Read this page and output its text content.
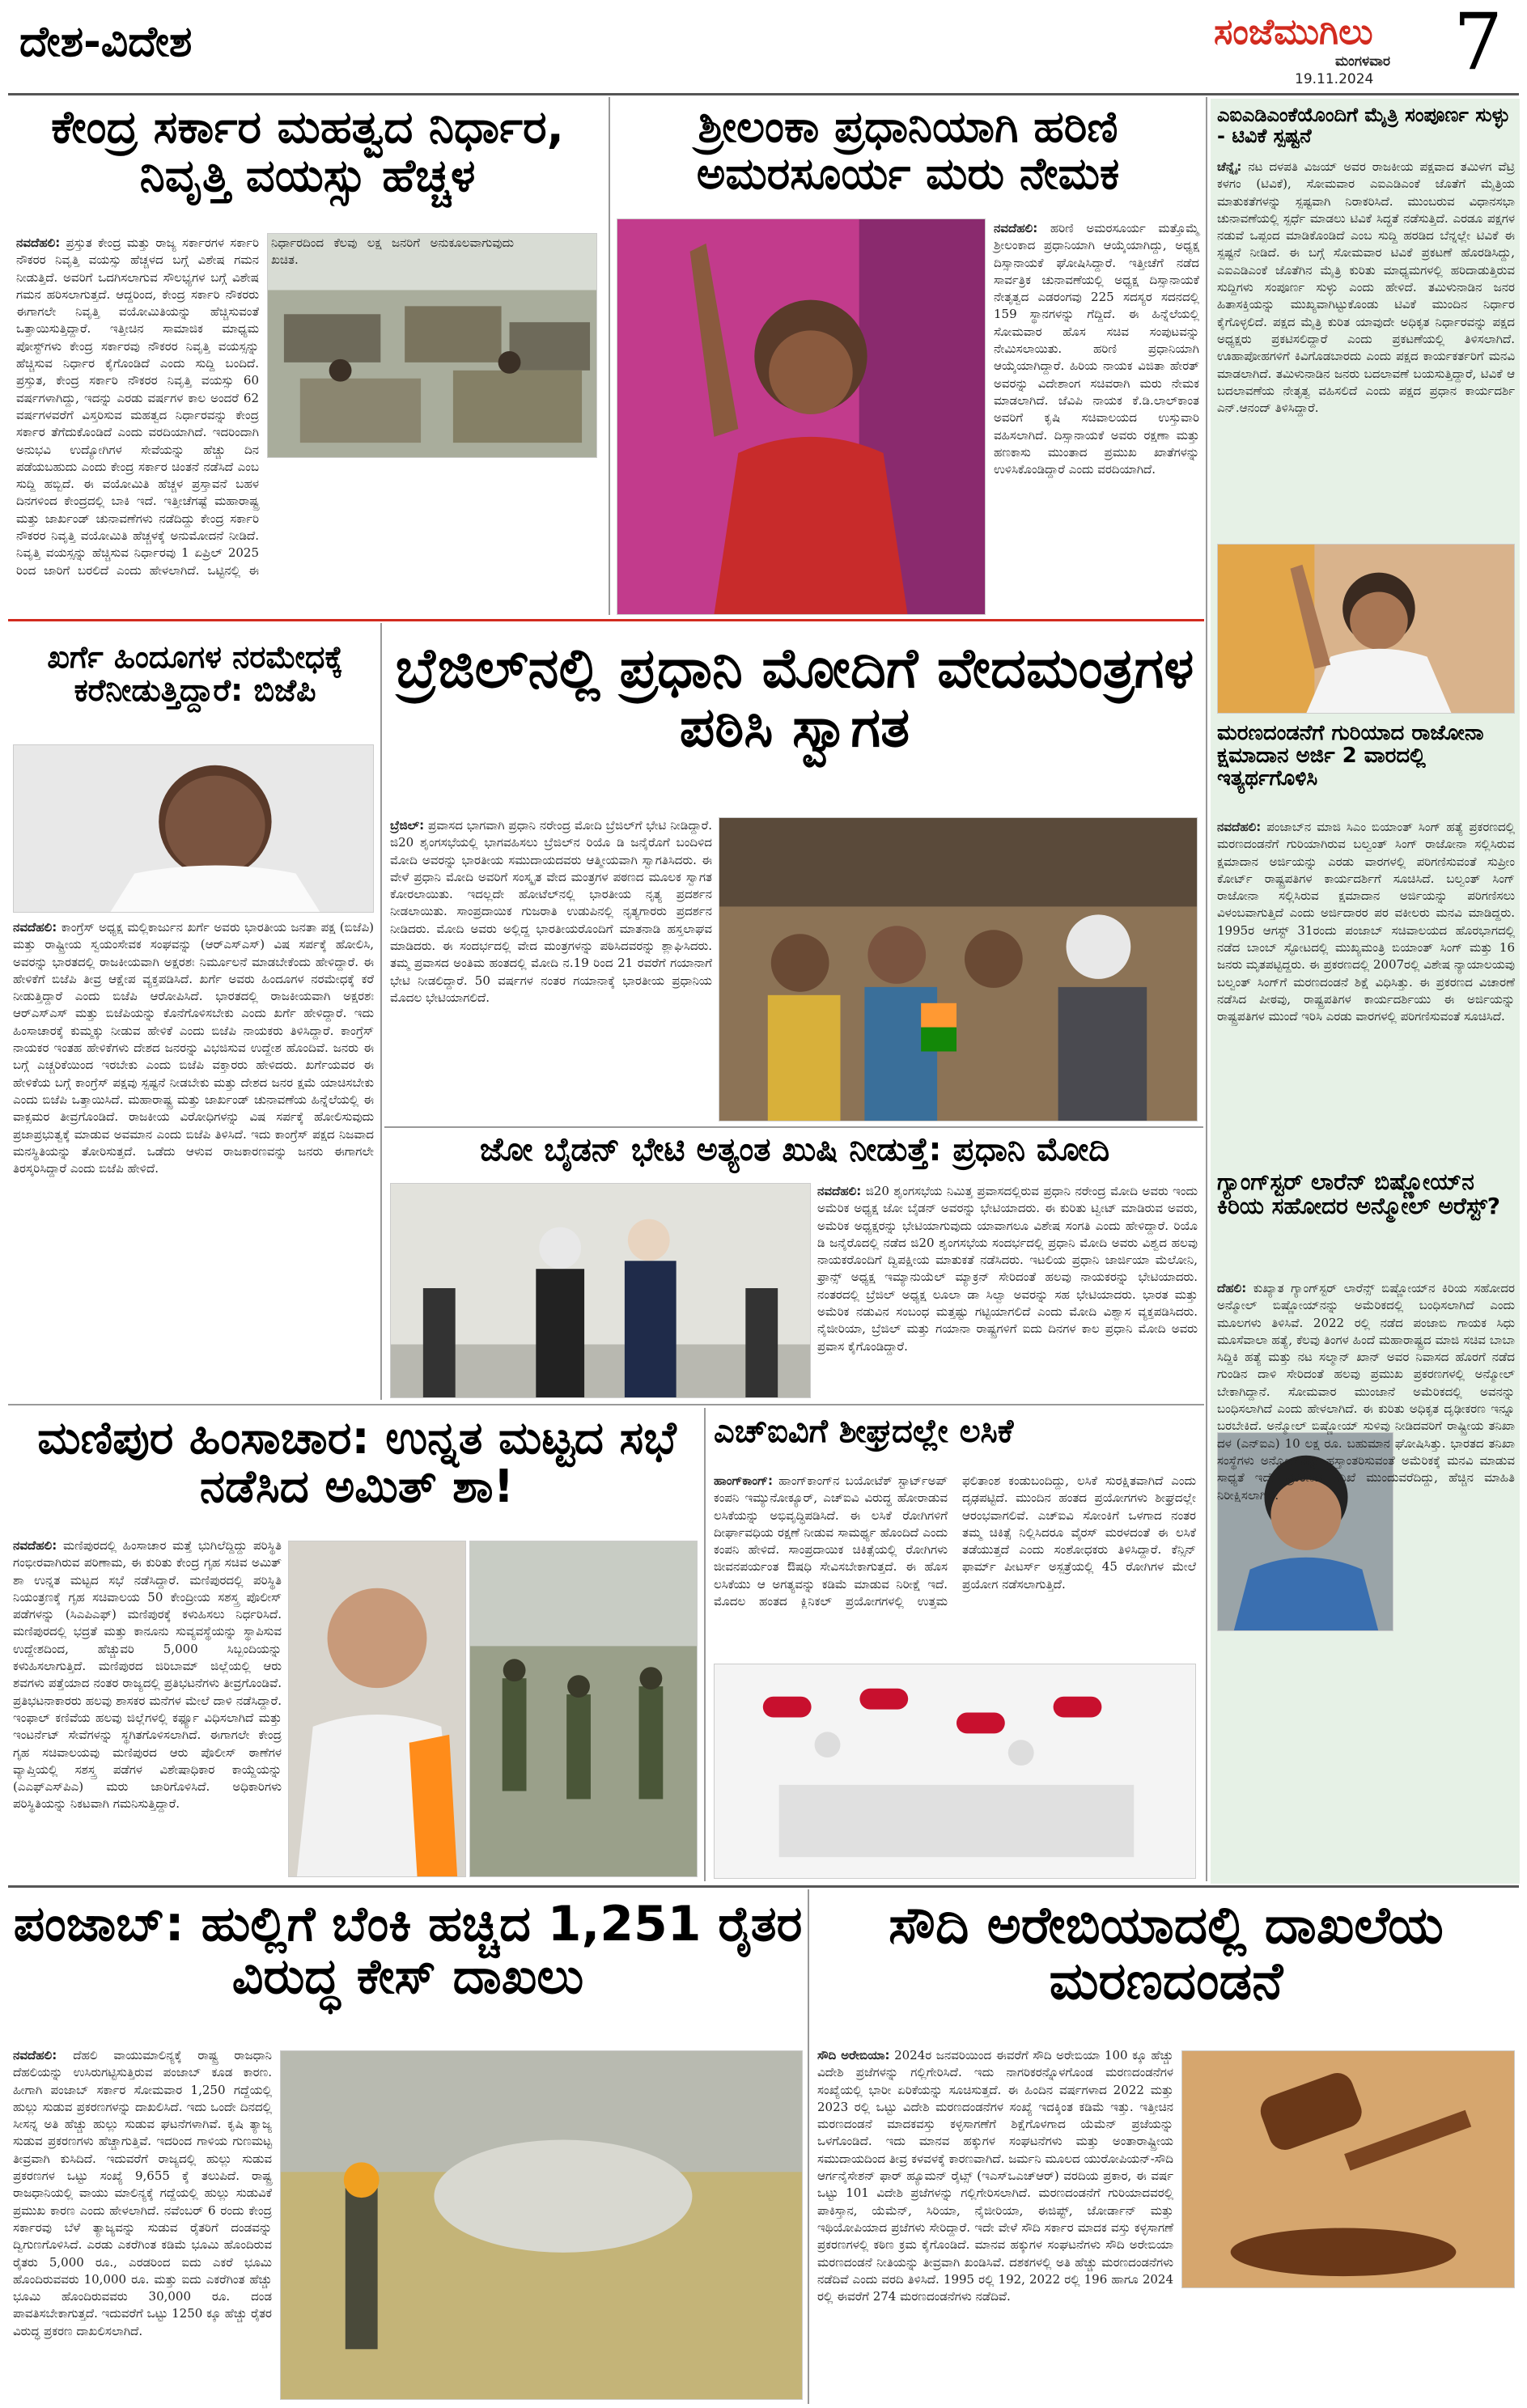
ದೇಶ-ವಿದೇಶ	ಸಂಜೆಮುಗಿಲು
ಮಂಗಳವಾರ
19.11.2024 7
ಕೇಂದ್ರ ಸರ್ಕಾರ ಮಹತ್ವದ ನಿರ್ಧಾರ, ನಿವೃತ್ತಿ ವಯಸ್ಸು ಹೆಚ್ಚಳ
ನವದೆಹಲಿ: ಪ್ರಸ್ತುತ ಕೇಂದ್ರ ಮತ್ತು ರಾಜ್ಯ ಸರ್ಕಾರಗಳ ಸರ್ಕಾರಿ ನೌಕರರ ನಿವೃತ್ತಿ ವಯಸ್ಸು ಹೆಚ್ಚಳದ ಬಗ್ಗೆ ವಿಶೇಷ ಗಮನ ನೀಡುತ್ತಿದೆ. ಅವರಿಗೆ ಒದಗಿಸಲಾಗುವ ಸೌಲಭ್ಯಗಳ ಬಗ್ಗೆ ವಿಶೇಷ ಗಮನ ಹರಿಸಲಾಗುತ್ತದೆ. ಆದ್ದರಿಂದ, ಕೇಂದ್ರ ಸರ್ಕಾರಿ ನೌಕರರು ಈಗಾಗಲೇ ನಿವೃತ್ತಿ ವಯೋಮಿತಿಯನ್ನು ಹೆಚ್ಚಿಸುವಂತೆ ಒತ್ತಾಯಿಸುತ್ತಿದ್ದಾರೆ. ಇತ್ತೀಚಿನ ಸಾಮಾಜಿಕ ಮಾಧ್ಯಮ ಪೋಸ್ಟ್‌ಗಳು ಕೇಂದ್ರ ಸರ್ಕಾರವು ನೌಕರರ ನಿವೃತ್ತಿ ವಯಸ್ಸನ್ನು ಹೆಚ್ಚಿಸುವ ನಿರ್ಧಾರ ಕೈಗೊಂಡಿದೆ ಎಂದು ಸುದ್ದಿ ಬಂದಿದೆ. ಪ್ರಸ್ತುತ, ಕೇಂದ್ರ ಸರ್ಕಾರಿ ನೌಕರರ ನಿವೃತ್ತಿ ವಯಸ್ಸು 60 ವರ್ಷಗಳಾಗಿದ್ದು, ಇದನ್ನು ಎರಡು ವರ್ಷಗಳ ಕಾಲ ಅಂದರೆ 62 ವರ್ಷಗಳವರೆಗೆ ವಿಸ್ತರಿಸುವ ಮಹತ್ವದ ನಿರ್ಧಾರವನ್ನು ಕೇಂದ್ರ ಸರ್ಕಾರ ತೆಗೆದುಕೊಂಡಿದೆ ಎಂದು ವರದಿಯಾಗಿದೆ. ಇದರಿಂದಾಗಿ ಅನುಭವಿ ಉದ್ಯೋಗಿಗಳ ಸೇವೆಯನ್ನು ಹೆಚ್ಚು ದಿನ ಪಡೆಯಬಹುದು ಎಂದು ಕೇಂದ್ರ ಸರ್ಕಾರ ಚಿಂತನೆ ನಡೆಸಿದೆ ಎಂಬ ಸುದ್ದಿ ಹಬ್ಬಿದೆ. ಈ ವಯೋಮಿತಿ ಹೆಚ್ಚಳ ಪ್ರಸ್ತಾವನೆ ಬಹಳ ದಿನಗಳಿಂದ ಕೇಂದ್ರದಲ್ಲಿ ಬಾಕಿ ಇದೆ. ಇತ್ತೀಚೆಗಷ್ಟೆ ಮಹಾರಾಷ್ಟ್ರ ಮತ್ತು ಜಾರ್ಖಂಡ್ ಚುನಾವಣೆಗಳು ನಡೆದಿದ್ದು ಕೇಂದ್ರ ಸರ್ಕಾರಿ ನೌಕರರ ನಿವೃತ್ತಿ ವಯೋಮಿತಿ ಹೆಚ್ಚಳಕ್ಕೆ ಅನುಮೋದನೆ ನೀಡಿದೆ. ನಿವೃತ್ತಿ ವಯಸ್ಸನ್ನು ಹೆಚ್ಚಿಸುವ ನಿರ್ಧಾರವು 1 ಏಪ್ರಿಲ್ 2025 ರಿಂದ ಜಾರಿಗೆ ಬರಲಿದೆ ಎಂದು ಹೇಳಲಾಗಿದೆ. ಒಟ್ಟಿನಲ್ಲಿ ಈ ನಿರ್ಧಾರದಿಂದ ಕೆಲವು ಲಕ್ಷ ಜನರಿಗೆ ಅನುಕೂಲವಾಗುವುದು ಖಚಿತ.
ಶ್ರೀಲಂಕಾ ಪ್ರಧಾನಿಯಾಗಿ ಹರಿಣಿ ಅಮರಸೂರ್ಯ ಮರು ನೇಮಕ
ನವದೆಹಲಿ: ಹರಿಣಿ ಅಮರಸೂರ್ಯ ಮತ್ತೊಮ್ಮೆ ಶ್ರೀಲಂಕಾದ ಪ್ರಧಾನಿಯಾಗಿ ಆಯ್ಕೆಯಾಗಿದ್ದು, ಅಧ್ಯಕ್ಷ ದಿಸ್ಸಾನಾಯಕೆ ಘೋಷಿಸಿದ್ದಾರೆ. ಇತ್ತೀಚೆಗೆ ನಡೆದ ಸಾರ್ವತ್ರಿಕ ಚುನಾವಣೆಯಲ್ಲಿ ಅಧ್ಯಕ್ಷ ದಿಸ್ಸಾನಾಯಕೆ ನೇತೃತ್ವದ ಎಡರಂಗವು 225 ಸದಸ್ಯರ ಸದನದಲ್ಲಿ 159 ಸ್ಥಾನಗಳನ್ನು ಗೆದ್ದಿದೆ. ಈ ಹಿನ್ನೆಲೆಯಲ್ಲಿ ಸೋಮವಾರ ಹೊಸ ಸಚಿವ ಸಂಪುಟವನ್ನು ನೇಮಿಸಲಾಯಿತು. ಹರಿಣಿ ಪ್ರಧಾನಿಯಾಗಿ ಆಯ್ಕೆಯಾಗಿದ್ದಾರೆ. ಹಿರಿಯ ನಾಯಕ ವಿಜಿತಾ ಹೇರತ್ ಅವರನ್ನು ವಿದೇಶಾಂಗ ಸಚಿವರಾಗಿ ಮರು ನೇಮಕ ಮಾಡಲಾಗಿದೆ. ಜೆವಿಪಿ ನಾಯಕ ಕೆ.ಡಿ.ಲಾಲ್‌ಕಾಂತ ಅವರಿಗೆ ಕೃಷಿ ಸಚಿವಾಲಯದ ಉಸ್ತುವಾರಿ ವಹಿಸಲಾಗಿದೆ. ದಿಸ್ಸಾನಾಯಕೆ ಅವರು ರಕ್ಷಣಾ ಮತ್ತು ಹಣಕಾಸು ಮುಂತಾದ ಪ್ರಮುಖ ಖಾತೆಗಳನ್ನು ಉಳಿಸಿಕೊಂಡಿದ್ದಾರೆ ಎಂದು ವರದಿಯಾಗಿದೆ.
ಎಐಎಡಿಎಂಕೆಯೊಂದಿಗೆ ಮೈತ್ರಿ ಸಂಪೂರ್ಣ ಸುಳ್ಳು - ಟಿವಿಕೆ ಸ್ಪಷ್ಟನೆ
ಚೆನ್ನೈ: ನಟ ದಳಪತಿ ವಿಜಯ್ ಅವರ ರಾಜಕೀಯ ಪಕ್ಷವಾದ ತಮಿಳಗ ವೆಟ್ರಿ ಕಳಗಂ (ಟಿವಿಕೆ), ಸೋಮವಾರ ಎಐಎಡಿಎಂಕೆ ಜೊತೆಗೆ ಮೈತ್ರಿಯ ಮಾತುಕತೆಗಳನ್ನು ಸ್ಪಷ್ಟವಾಗಿ ನಿರಾಕರಿಸಿದೆ. ಮುಂಬರುವ ವಿಧಾನಸಭಾ ಚುನಾವಣೆಯಲ್ಲಿ ಸ್ಪರ್ಧೆ ಮಾಡಲು ಟಿವಿಕೆ ಸಿದ್ಧತೆ ನಡೆಸುತ್ತಿದೆ. ಎರಡೂ ಪಕ್ಷಗಳ ನಡುವೆ ಒಪ್ಪಂದ ಮಾಡಿಕೊಂಡಿದೆ ಎಂಬ ಸುದ್ದಿ ಹರಡಿದ ಬೆನ್ನಲ್ಲೇ ಟಿವಿಕೆ ಈ ಸ್ಪಷ್ಟನೆ ನೀಡಿದೆ. ಈ ಬಗ್ಗೆ ಸೋಮವಾರ ಟಿವಿಕೆ ಪ್ರಕಟಣೆ ಹೊರಡಿಸಿದ್ದು, ಎಐಎಡಿಎಂಕೆ ಜೊತೆಗಿನ ಮೈತ್ರಿ ಕುರಿತು ಮಾಧ್ಯಮಗಳಲ್ಲಿ ಹರಿದಾಡುತ್ತಿರುವ ಸುದ್ದಿಗಳು ಸಂಪೂರ್ಣ ಸುಳ್ಳು ಎಂದು ಹೇಳಿದೆ. ತಮಿಳುನಾಡಿನ ಜನರ ಹಿತಾಸಕ್ತಿಯನ್ನು ಮುಖ್ಯವಾಗಿಟ್ಟುಕೊಂಡು ಟಿವಿಕೆ ಮುಂದಿನ ನಿರ್ಧಾರ ಕೈಗೊಳ್ಳಲಿದೆ. ಪಕ್ಷದ ಮೈತ್ರಿ ಕುರಿತ ಯಾವುದೇ ಅಧಿಕೃತ ನಿರ್ಧಾರವನ್ನು ಪಕ್ಷದ ಅಧ್ಯಕ್ಷರು ಪ್ರಕಟಿಸಲಿದ್ದಾರೆ ಎಂದು ಪ್ರಕಟಣೆಯಲ್ಲಿ ತಿಳಿಸಲಾಗಿದೆ. ಊಹಾಪೋಹಗಳಿಗೆ ಕಿವಿಗೊಡಬಾರದು ಎಂದು ಪಕ್ಷದ ಕಾರ್ಯಕರ್ತರಿಗೆ ಮನವಿ ಮಾಡಲಾಗಿದೆ. ತಮಿಳುನಾಡಿನ ಜನರು ಬದಲಾವಣೆ ಬಯಸುತ್ತಿದ್ದಾರೆ, ಟಿವಿಕೆ ಆ ಬದಲಾವಣೆಯ ನೇತೃತ್ವ ವಹಿಸಲಿದೆ ಎಂದು ಪಕ್ಷದ ಪ್ರಧಾನ ಕಾರ್ಯದರ್ಶಿ ಎನ್.ಆನಂದ್ ತಿಳಿಸಿದ್ದಾರೆ.
ಮರಣದಂಡನೆಗೆ ಗುರಿಯಾದ ರಾಜೋನಾ ಕ್ಷಮಾದಾನ ಅರ್ಜಿ 2 ವಾರದಲ್ಲಿ ಇತ್ಯರ್ಥಗೊಳಿಸಿ
ನವದೆಹಲಿ: ಪಂಜಾಬ್‌ನ ಮಾಜಿ ಸಿಎಂ ಬಿಯಾಂತ್ ಸಿಂಗ್ ಹತ್ಯೆ ಪ್ರಕರಣದಲ್ಲಿ ಮರಣದಂಡನೆಗೆ ಗುರಿಯಾಗಿರುವ ಬಲ್ವಂತ್ ಸಿಂಗ್ ರಾಜೋನಾ ಸಲ್ಲಿಸಿರುವ ಕ್ಷಮಾದಾನ ಅರ್ಜಿಯನ್ನು ಎರಡು ವಾರಗಳಲ್ಲಿ ಪರಿಗಣಿಸುವಂತೆ ಸುಪ್ರೀಂ ಕೋರ್ಟ್ ರಾಷ್ಟ್ರಪತಿಗಳ ಕಾರ್ಯದರ್ಶಿಗೆ ಸೂಚಿಸಿದೆ. ಬಲ್ವಂತ್ ಸಿಂಗ್ ರಾಜೋನಾ ಸಲ್ಲಿಸಿರುವ ಕ್ಷಮಾದಾನ ಅರ್ಜಿಯನ್ನು ಪರಿಗಣಿಸಲು ವಿಳಂಬವಾಗುತ್ತಿದೆ ಎಂದು ಅರ್ಜಿದಾರರ ಪರ ವಕೀಲರು ಮನವಿ ಮಾಡಿದ್ದರು. 1995ರ ಆಗಸ್ಟ್ 31ರಂದು ಪಂಜಾಬ್ ಸಚಿವಾಲಯದ ಹೊರಭಾಗದಲ್ಲಿ ನಡೆದ ಬಾಂಬ್ ಸ್ಫೋಟದಲ್ಲಿ ಮುಖ್ಯಮಂತ್ರಿ ಬಿಯಾಂತ್ ಸಿಂಗ್ ಮತ್ತು 16 ಜನರು ಮೃತಪಟ್ಟಿದ್ದರು. ಈ ಪ್ರಕರಣದಲ್ಲಿ 2007ರಲ್ಲಿ ವಿಶೇಷ ನ್ಯಾಯಾಲಯವು ಬಲ್ವಂತ್ ಸಿಂಗ್‌ಗೆ ಮರಣದಂಡನೆ ಶಿಕ್ಷೆ ವಿಧಿಸಿತ್ತು. ಈ ಪ್ರಕರಣದ ವಿಚಾರಣೆ ನಡೆಸಿದ ಪೀಠವು, ರಾಷ್ಟ್ರಪತಿಗಳ ಕಾರ್ಯದರ್ಶಿಯು ಈ ಅರ್ಜಿಯನ್ನು ರಾಷ್ಟ್ರಪತಿಗಳ ಮುಂದೆ ಇರಿಸಿ ಎರಡು ವಾರಗಳಲ್ಲಿ ಪರಿಗಣಿಸುವಂತೆ ಸೂಚಿಸಿದೆ.
ಗ್ಯಾಂಗ್‌ಸ್ಟರ್ ಲಾರೆನ್ ಬಿಷ್ಣೋಯ್‌ನ ಕಿರಿಯ ಸಹೋದರ ಅನ್ಮೋಲ್ ಅರೆಸ್ಟ್?
ದೆಹಲಿ: ಕುಖ್ಯಾತ ಗ್ಯಾಂಗ್‌ಸ್ಟರ್ ಲಾರೆನ್ಸ್ ಬಿಷ್ಣೋಯ್‌ನ ಕಿರಿಯ ಸಹೋದರ ಅನ್ಮೋಲ್ ಬಿಷ್ಣೋಯ್‌ನನ್ನು ಅಮೆರಿಕದಲ್ಲಿ ಬಂಧಿಸಲಾಗಿದೆ ಎಂದು ಮೂಲಗಳು ತಿಳಿಸಿವೆ. 2022 ರಲ್ಲಿ ನಡೆದ ಪಂಜಾಬಿ ಗಾಯಕ ಸಿಧು ಮೂಸೆವಾಲಾ ಹತ್ಯೆ, ಕೆಲವು ತಿಂಗಳ ಹಿಂದೆ ಮಹಾರಾಷ್ಟ್ರದ ಮಾಜಿ ಸಚಿವ ಬಾಬಾ ಸಿದ್ದಿಕಿ ಹತ್ಯೆ ಮತ್ತು ನಟ ಸಲ್ಮಾನ್ ಖಾನ್ ಅವರ ನಿವಾಸದ ಹೊರಗೆ ನಡೆದ ಗುಂಡಿನ ದಾಳಿ ಸೇರಿದಂತೆ ಹಲವು ಪ್ರಮುಖ ಪ್ರಕರಣಗಳಲ್ಲಿ ಅನ್ಮೋಲ್ ಬೇಕಾಗಿದ್ದಾನೆ. ಸೋಮವಾರ ಮುಂಜಾನೆ ಅಮೆರಿಕದಲ್ಲಿ ಅವನನ್ನು ಬಂಧಿಸಲಾಗಿದೆ ಎಂದು ಹೇಳಲಾಗಿದೆ. ಈ ಕುರಿತು ಅಧಿಕೃತ ದೃಢೀಕರಣ ಇನ್ನೂ ಬರಬೇಕಿದೆ. ಅನ್ಮೋಲ್ ಬಿಷ್ಣೋಯ್ ಸುಳಿವು ನೀಡಿದವರಿಗೆ ರಾಷ್ಟ್ರೀಯ ತನಿಖಾ ದಳ (ಎನ್‌ಐಎ) 10 ಲಕ್ಷ ರೂ. ಬಹುಮಾನ ಘೋಷಿಸಿತ್ತು. ಭಾರತದ ತನಿಖಾ ಸಂಸ್ಥೆಗಳು ಅನ್ಮೋಲ್‌ನನ್ನು ಹಸ್ತಾಂತರಿಸುವಂತೆ ಅಮೆರಿಕಕ್ಕೆ ಮನವಿ ಮಾಡುವ ಸಾಧ್ಯತೆ ಇದೆ. ಪ್ರಕರಣದ ತನಿಖೆ ಮುಂದುವರೆದಿದ್ದು, ಹೆಚ್ಚಿನ ಮಾಹಿತಿ ನಿರೀಕ್ಷಿಸಲಾಗಿದೆ.
ಖರ್ಗೆ ಹಿಂದೂಗಳ ನರಮೇಧಕ್ಕೆ ಕರೆನೀಡುತ್ತಿದ್ದಾರೆ: ಬಿಜೆಪಿ
ನವದೆಹಲಿ: ಕಾಂಗ್ರೆಸ್ ಅಧ್ಯಕ್ಷ ಮಲ್ಲಿಕಾರ್ಜುನ ಖರ್ಗೆ ಅವರು ಭಾರತೀಯ ಜನತಾ ಪಕ್ಷ (ಬಿಜೆಪಿ) ಮತ್ತು ರಾಷ್ಟ್ರೀಯ ಸ್ವಯಂಸೇವಕ ಸಂಘವನ್ನು (ಆರ್‌ಎಸ್‌ಎಸ್) ವಿಷ ಸರ್ಪಕ್ಕೆ ಹೋಲಿಸಿ, ಅವರನ್ನು ಭಾರತದಲ್ಲಿ ರಾಜಕೀಯವಾಗಿ ಅಕ್ಷರಶಃ ನಿರ್ಮೂಲನೆ ಮಾಡಬೇಕೆಂದು ಹೇಳಿದ್ದಾರೆ. ಈ ಹೇಳಿಕೆಗೆ ಬಿಜೆಪಿ ತೀವ್ರ ಆಕ್ಷೇಪ ವ್ಯಕ್ತಪಡಿಸಿದೆ. ಖರ್ಗೆ ಅವರು ಹಿಂದೂಗಳ ನರಮೇಧಕ್ಕೆ ಕರೆ ನೀಡುತ್ತಿದ್ದಾರೆ ಎಂದು ಬಿಜೆಪಿ ಆರೋಪಿಸಿದೆ. ಭಾರತದಲ್ಲಿ ರಾಜಕೀಯವಾಗಿ ಅಕ್ಷರಶಃ ಆರ್‌ಎಸ್‌ಎಸ್ ಮತ್ತು ಬಿಜೆಪಿಯನ್ನು ಕೊನೆಗೊಳಿಸಬೇಕು ಎಂದು ಖರ್ಗೆ ಹೇಳಿದ್ದಾರೆ. ಇದು ಹಿಂಸಾಚಾರಕ್ಕೆ ಕುಮ್ಮಕ್ಕು ನೀಡುವ ಹೇಳಿಕೆ ಎಂದು ಬಿಜೆಪಿ ನಾಯಕರು ತಿಳಿಸಿದ್ದಾರೆ. ಕಾಂಗ್ರೆಸ್ ನಾಯಕರ ಇಂತಹ ಹೇಳಿಕೆಗಳು ದೇಶದ ಜನರನ್ನು ವಿಭಜಿಸುವ ಉದ್ದೇಶ ಹೊಂದಿವೆ. ಜನರು ಈ ಬಗ್ಗೆ ಎಚ್ಚರಿಕೆಯಿಂದ ಇರಬೇಕು ಎಂದು ಬಿಜೆಪಿ ವಕ್ತಾರರು ಹೇಳಿದರು. ಖರ್ಗೆಯವರ ಈ ಹೇಳಿಕೆಯ ಬಗ್ಗೆ ಕಾಂಗ್ರೆಸ್ ಪಕ್ಷವು ಸ್ಪಷ್ಟನೆ ನೀಡಬೇಕು ಮತ್ತು ದೇಶದ ಜನರ ಕ್ಷಮೆ ಯಾಚಿಸಬೇಕು ಎಂದು ಬಿಜೆಪಿ ಒತ್ತಾಯಿಸಿದೆ. ಮಹಾರಾಷ್ಟ್ರ ಮತ್ತು ಜಾರ್ಖಂಡ್ ಚುನಾವಣೆಯ ಹಿನ್ನೆಲೆಯಲ್ಲಿ ಈ ವಾಕ್ಸಮರ ತೀವ್ರಗೊಂಡಿದೆ. ರಾಜಕೀಯ ವಿರೋಧಿಗಳನ್ನು ವಿಷ ಸರ್ಪಕ್ಕೆ ಹೋಲಿಸುವುದು ಪ್ರಜಾಪ್ರಭುತ್ವಕ್ಕೆ ಮಾಡುವ ಅವಮಾನ ಎಂದು ಬಿಜೆಪಿ ತಿಳಿಸಿದೆ. ಇದು ಕಾಂಗ್ರೆಸ್ ಪಕ್ಷದ ನಿಜವಾದ ಮನಸ್ಥಿತಿಯನ್ನು ತೋರಿಸುತ್ತದೆ. ಒಡೆದು ಆಳುವ ರಾಜಕಾರಣವನ್ನು ಜನರು ಈಗಾಗಲೇ ತಿರಸ್ಕರಿಸಿದ್ದಾರೆ ಎಂದು ಬಿಜೆಪಿ ಹೇಳಿದೆ.
ಬ್ರೆಜಿಲ್‌ನಲ್ಲಿ ಪ್ರಧಾನಿ ಮೋದಿಗೆ ವೇದಮಂತ್ರಗಳ ಪಠಿಸಿ ಸ್ವಾಗತ
ಬ್ರೆಜಿಲ್: ಪ್ರವಾಸದ ಭಾಗವಾಗಿ ಪ್ರಧಾನಿ ನರೇಂದ್ರ ಮೋದಿ ಬ್ರೆಜಿಲ್‌ಗೆ ಭೇಟಿ ನೀಡಿದ್ದಾರೆ. ಜಿ20 ಶೃಂಗಸಭೆಯಲ್ಲಿ ಭಾಗವಹಿಸಲು ಬ್ರೆಜಿಲ್‌ನ ರಿಯೊ ಡಿ ಜನೈರೊಗೆ ಬಂದಿಳಿದ ಮೋದಿ ಅವರನ್ನು ಭಾರತೀಯ ಸಮುದಾಯದವರು ಆತ್ಮೀಯವಾಗಿ ಸ್ವಾಗತಿಸಿದರು. ಈ ವೇಳೆ ಪ್ರಧಾನಿ ಮೋದಿ ಅವರಿಗೆ ಸಂಸ್ಕೃತ ವೇದ ಮಂತ್ರಗಳ ಪಠಣದ ಮೂಲಕ ಸ್ವಾಗತ ಕೋರಲಾಯಿತು. ಇದಲ್ಲದೇ ಹೋಟೆಲ್‌ನಲ್ಲಿ ಭಾರತೀಯ ನೃತ್ಯ ಪ್ರದರ್ಶನ ನೀಡಲಾಯಿತು. ಸಾಂಪ್ರದಾಯಿಕ ಗುಜರಾತಿ ಉಡುಪಿನಲ್ಲಿ ನೃತ್ಯಗಾರರು ಪ್ರದರ್ಶನ ನೀಡಿದರು. ಮೋದಿ ಅವರು ಅಲ್ಲಿದ್ದ ಭಾರತೀಯರೊಂದಿಗೆ ಮಾತನಾಡಿ ಹಸ್ತಲಾಘವ ಮಾಡಿದರು. ಈ ಸಂದರ್ಭದಲ್ಲಿ ವೇದ ಮಂತ್ರಗಳನ್ನು ಪಠಿಸಿದವರನ್ನು ಶ್ಲಾಘಿಸಿದರು. ತಮ್ಮ ಪ್ರವಾಸದ ಅಂತಿಮ ಹಂತದಲ್ಲಿ ಮೋದಿ ನ.19 ರಿಂದ 21 ರವರೆಗೆ ಗಯಾನಾಗೆ ಭೇಟಿ ನೀಡಲಿದ್ದಾರೆ. 50 ವರ್ಷಗಳ ನಂತರ ಗಯಾನಾಕ್ಕೆ ಭಾರತೀಯ ಪ್ರಧಾನಿಯ ಮೊದಲ ಭೇಟಿಯಾಗಲಿದೆ.
ಜೋ ಬೈಡನ್ ಭೇಟಿ ಅತ್ಯಂತ ಖುಷಿ ನೀಡುತ್ತೆ: ಪ್ರಧಾನಿ ಮೋದಿ
ನವದೆಹಲಿ: ಜಿ20 ಶೃಂಗಸಭೆಯ ನಿಮಿತ್ತ ಪ್ರವಾಸದಲ್ಲಿರುವ ಪ್ರಧಾನಿ ನರೇಂದ್ರ ಮೋದಿ ಅವರು ಇಂದು ಅಮೆರಿಕ ಅಧ್ಯಕ್ಷ ಜೋ ಬೈಡನ್ ಅವರನ್ನು ಭೇಟಿಯಾದರು. ಈ ಕುರಿತು ಟ್ವೀಟ್ ಮಾಡಿರುವ ಅವರು, ಅಮೆರಿಕ ಅಧ್ಯಕ್ಷರನ್ನು ಭೇಟಿಯಾಗುವುದು ಯಾವಾಗಲೂ ವಿಶೇಷ ಸಂಗತಿ ಎಂದು ಹೇಳಿದ್ದಾರೆ. ರಿಯೊ ಡಿ ಜನೈರೊದಲ್ಲಿ ನಡೆದ ಜಿ20 ಶೃಂಗಸಭೆಯ ಸಂದರ್ಭದಲ್ಲಿ ಪ್ರಧಾನಿ ಮೋದಿ ಅವರು ವಿಶ್ವದ ಹಲವು ನಾಯಕರೊಂದಿಗೆ ದ್ವಿಪಕ್ಷೀಯ ಮಾತುಕತೆ ನಡೆಸಿದರು. ಇಟಲಿಯ ಪ್ರಧಾನಿ ಜಾರ್ಜಿಯಾ ಮೆಲೋನಿ, ಫ್ರಾನ್ಸ್ ಅಧ್ಯಕ್ಷ ಇಮ್ಯಾನುಯೆಲ್ ಮ್ಯಾಕ್ರನ್ ಸೇರಿದಂತೆ ಹಲವು ನಾಯಕರನ್ನು ಭೇಟಿಯಾದರು. ನಂತರದಲ್ಲಿ ಬ್ರೆಜಿಲ್ ಅಧ್ಯಕ್ಷ ಲೂಲಾ ಡಾ ಸಿಲ್ವಾ ಅವರನ್ನು ಸಹ ಭೇಟಿಯಾದರು. ಭಾರತ ಮತ್ತು ಅಮೆರಿಕ ನಡುವಿನ ಸಂಬಂಧ ಮತ್ತಷ್ಟು ಗಟ್ಟಿಯಾಗಲಿದೆ ಎಂದು ಮೋದಿ ವಿಶ್ವಾಸ ವ್ಯಕ್ತಪಡಿಸಿದರು. ನೈಜೀರಿಯಾ, ಬ್ರೆಜಿಲ್ ಮತ್ತು ಗಯಾನಾ ರಾಷ್ಟ್ರಗಳಿಗೆ ಐದು ದಿನಗಳ ಕಾಲ ಪ್ರಧಾನಿ ಮೋದಿ ಅವರು ಪ್ರವಾಸ ಕೈಗೊಂಡಿದ್ದಾರೆ.
ಮಣಿಪುರ ಹಿಂಸಾಚಾರ: ಉನ್ನತ ಮಟ್ಟದ ಸಭೆ ನಡೆಸಿದ ಅಮಿತ್ ಶಾ!
ನವದೆಹಲಿ: ಮಣಿಪುರದಲ್ಲಿ ಹಿಂಸಾಚಾರ ಮತ್ತೆ ಭುಗಿಲೆದ್ದಿದ್ದು ಪರಿಸ್ಥಿತಿ ಗಂಭೀರವಾಗಿರುವ ಪರಿಣಾಮ, ಈ ಕುರಿತು ಕೇಂದ್ರ ಗೃಹ ಸಚಿವ ಅಮಿತ್ ಶಾ ಉನ್ನತ ಮಟ್ಟದ ಸಭೆ ನಡೆಸಿದ್ದಾರೆ. ಮಣಿಪುರದಲ್ಲಿ ಪರಿಸ್ಥಿತಿ ನಿಯಂತ್ರಣಕ್ಕೆ ಗೃಹ ಸಚಿವಾಲಯ 50 ಕೇಂದ್ರೀಯ ಸಶಸ್ತ್ರ ಪೊಲೀಸ್ ಪಡೆಗಳನ್ನು (ಸಿಎಪಿಎಫ್) ಮಣಿಪುರಕ್ಕೆ ಕಳುಹಿಸಲು ನಿರ್ಧರಿಸಿದೆ. ಮಣಿಪುರದಲ್ಲಿ ಭದ್ರತೆ ಮತ್ತು ಕಾನೂನು ಸುವ್ಯವಸ್ಥೆಯನ್ನು ಸ್ಥಾಪಿಸುವ ಉದ್ದೇಶದಿಂದ, ಹೆಚ್ಚುವರಿ 5,000 ಸಿಬ್ಬಂದಿಯನ್ನು ಕಳುಹಿಸಲಾಗುತ್ತಿದೆ. ಮಣಿಪುರದ ಜಿರಿಬಾಮ್ ಜಿಲ್ಲೆಯಲ್ಲಿ ಆರು ಶವಗಳು ಪತ್ತೆಯಾದ ನಂತರ ರಾಜ್ಯದಲ್ಲಿ ಪ್ರತಿಭಟನೆಗಳು ತೀವ್ರಗೊಂಡಿವೆ. ಪ್ರತಿಭಟನಾಕಾರರು ಹಲವು ಶಾಸಕರ ಮನೆಗಳ ಮೇಲೆ ದಾಳಿ ನಡೆಸಿದ್ದಾರೆ. ಇಂಫಾಲ್ ಕಣಿವೆಯ ಹಲವು ಜಿಲ್ಲೆಗಳಲ್ಲಿ ಕರ್ಫ್ಯೂ ವಿಧಿಸಲಾಗಿದೆ ಮತ್ತು ಇಂಟರ್ನೆಟ್ ಸೇವೆಗಳನ್ನು ಸ್ಥಗಿತಗೊಳಿಸಲಾಗಿದೆ. ಈಗಾಗಲೇ ಕೇಂದ್ರ ಗೃಹ ಸಚಿವಾಲಯವು ಮಣಿಪುರದ ಆರು ಪೊಲೀಸ್ ಠಾಣೆಗಳ ವ್ಯಾಪ್ತಿಯಲ್ಲಿ ಸಶಸ್ತ್ರ ಪಡೆಗಳ ವಿಶೇಷಾಧಿಕಾರ ಕಾಯ್ದೆಯನ್ನು (ಎಎಫ್‌ಎಸ್‌ಪಿಎ) ಮರು ಜಾರಿಗೊಳಿಸಿದೆ. ಅಧಿಕಾರಿಗಳು ಪರಿಸ್ಥಿತಿಯನ್ನು ನಿಕಟವಾಗಿ ಗಮನಿಸುತ್ತಿದ್ದಾರೆ.
ಎಚ್‌ಐವಿಗೆ ಶೀಘ್ರದಲ್ಲೇ ಲಸಿಕೆ
ಹಾಂಗ್‌ಕಾಂಗ್: ಹಾಂಗ್‌ಕಾಂಗ್‌ನ ಬಯೋಟೆಕ್ ಸ್ಟಾರ್ಟ್‌ಅಪ್ ಕಂಪನಿ ಇಮ್ಯುನೋಕ್ಯೂರ್, ಎಚ್‌ಐವಿ ವಿರುದ್ಧ ಹೋರಾಡುವ ಲಸಿಕೆಯನ್ನು ಅಭಿವೃದ್ಧಿಪಡಿಸಿದೆ. ಈ ಲಸಿಕೆ ರೋಗಿಗಳಿಗೆ ದೀರ್ಘಾವಧಿಯ ರಕ್ಷಣೆ ನೀಡುವ ಸಾಮರ್ಥ್ಯ ಹೊಂದಿದೆ ಎಂದು ಕಂಪನಿ ಹೇಳಿದೆ. ಸಾಂಪ್ರದಾಯಿಕ ಚಿಕಿತ್ಸೆಯಲ್ಲಿ ರೋಗಿಗಳು ಜೀವನಪರ್ಯಂತ ಔಷಧಿ ಸೇವಿಸಬೇಕಾಗುತ್ತದೆ. ಈ ಹೊಸ ಲಸಿಕೆಯು ಆ ಅಗತ್ಯವನ್ನು ಕಡಿಮೆ ಮಾಡುವ ನಿರೀಕ್ಷೆ ಇದೆ. ಮೊದಲ ಹಂತದ ಕ್ಲಿನಿಕಲ್ ಪ್ರಯೋಗಗಳಲ್ಲಿ ಉತ್ತಮ ಫಲಿತಾಂಶ ಕಂಡುಬಂದಿದ್ದು, ಲಸಿಕೆ ಸುರಕ್ಷಿತವಾಗಿದೆ ಎಂದು ದೃಢಪಟ್ಟಿದೆ. ಮುಂದಿನ ಹಂತದ ಪ್ರಯೋಗಗಳು ಶೀಘ್ರದಲ್ಲೇ ಆರಂಭವಾಗಲಿವೆ. ಎಚ್‌ಐವಿ ಸೋಂಕಿಗೆ ಒಳಗಾದ ನಂತರ ತಮ್ಮ ಚಿಕಿತ್ಸೆ ನಿಲ್ಲಿಸಿದರೂ ವೈರಸ್ ಮರಳದಂತೆ ಈ ಲಸಿಕೆ ತಡೆಯುತ್ತದೆ ಎಂದು ಸಂಶೋಧಕರು ತಿಳಿಸಿದ್ದಾರೆ. ಕೆನ್ಸಿನ್ ಫಾರ್ಮ್ ಪೀಟರ್ಸ್ ಅಸ್ಪತ್ರೆಯಲ್ಲಿ 45 ರೋಗಿಗಳ ಮೇಲೆ ಪ್ರಯೋಗ ನಡೆಸಲಾಗುತ್ತಿದೆ.
ಪಂಜಾಬ್: ಹುಲ್ಲಿಗೆ ಬೆಂಕಿ ಹಚ್ಚಿದ 1,251 ರೈತರ ವಿರುದ್ಧ ಕೇಸ್ ದಾಖಲು
ನವದೆಹಲಿ: ದೆಹಲಿ ವಾಯುಮಾಲಿನ್ಯಕ್ಕೆ ರಾಷ್ಟ್ರ ರಾಜಧಾನಿ ದೆಹಲಿಯನ್ನು ಉಸಿರುಗಟ್ಟಿಸುತ್ತಿರುವ ಪಂಜಾಬ್ ಕೂಡ ಕಾರಣ. ಹೀಗಾಗಿ ಪಂಜಾಬ್ ಸರ್ಕಾರ ಸೋಮವಾರ 1,250 ಗದ್ದೆಯಲ್ಲಿ ಹುಲ್ಲು ಸುಡುವ ಪ್ರಕರಣಗಳನ್ನು ದಾಖಲಿಸಿದೆ. ಇದು ಒಂದೇ ದಿನದಲ್ಲಿ ಸೀಸನ್ನ ಅತಿ ಹೆಚ್ಚು ಹುಲ್ಲು ಸುಡುವ ಘಟನೆಗಳಾಗಿವೆ. ಕೃಷಿ ತ್ಯಾಜ್ಯ ಸುಡುವ ಪ್ರಕರಣಗಳು ಹೆಚ್ಚಾಗುತ್ತಿವೆ. ಇದರಿಂದ ಗಾಳಿಯ ಗುಣಮಟ್ಟ ತೀವ್ರವಾಗಿ ಕುಸಿದಿದೆ. ಇದುವರೆಗೆ ರಾಜ್ಯದಲ್ಲಿ ಹುಲ್ಲು ಸುಡುವ ಪ್ರಕರಣಗಳ ಒಟ್ಟು ಸಂಖ್ಯೆ 9,655 ಕ್ಕೆ ತಲುಪಿದೆ. ರಾಷ್ಟ್ರ ರಾಜಧಾನಿಯಲ್ಲಿ ವಾಯು ಮಾಲಿನ್ಯಕ್ಕೆ ಗದ್ದೆಯಲ್ಲಿ ಹುಲ್ಲು ಸುಡುವಿಕೆ ಪ್ರಮುಖ ಕಾರಣ ಎಂದು ಹೇಳಲಾಗಿದೆ. ನವೆಂಬರ್ 6 ರಂದು ಕೇಂದ್ರ ಸರ್ಕಾರವು ಬೆಳೆ ತ್ಯಾಜ್ಯವನ್ನು ಸುಡುವ ರೈತರಿಗೆ ದಂಡವನ್ನು ದ್ವಿಗುಣಗೊಳಿಸಿದೆ. ಎರಡು ಎಕರೆಗಿಂತ ಕಡಿಮೆ ಭೂಮಿ ಹೊಂದಿರುವ ರೈತರು 5,000 ರೂ., ಎರಡರಿಂದ ಐದು ಎಕರೆ ಭೂಮಿ ಹೊಂದಿರುವವರು 10,000 ರೂ. ಮತ್ತು ಐದು ಎಕರೆಗಿಂತ ಹೆಚ್ಚು ಭೂಮಿ ಹೊಂದಿರುವವರು 30,000 ರೂ. ದಂಡ ಪಾವತಿಸಬೇಕಾಗುತ್ತದೆ. ಇದುವರೆಗೆ ಒಟ್ಟು 1250 ಕ್ಕೂ ಹೆಚ್ಚು ರೈತರ ವಿರುದ್ಧ ಪ್ರಕರಣ ದಾಖಲಿಸಲಾಗಿದೆ.
ಸೌದಿ ಅರೇಬಿಯಾದಲ್ಲಿ ದಾಖಲೆಯ ಮರಣದಂಡನೆ
ಸೌದಿ ಅರೇಬಿಯಾ: 2024ರ ಜನವರಿಯಿಂದ ಈವರೆಗೆ ಸೌದಿ ಅರೇಬಿಯಾ 100 ಕ್ಕೂ ಹೆಚ್ಚು ವಿದೇಶಿ ಪ್ರಜೆಗಳನ್ನು ಗಲ್ಲಿಗೇರಿಸಿದೆ. ಇದು ನಾಗರಿಕರನ್ನೊಳಗೊಂಡ ಮರಣದಂಡನೆಗಳ ಸಂಖ್ಯೆಯಲ್ಲಿ ಭಾರೀ ಏರಿಕೆಯನ್ನು ಸೂಚಿಸುತ್ತದೆ. ಈ ಹಿಂದಿನ ವರ್ಷಗಳಾದ 2022 ಮತ್ತು 2023 ರಲ್ಲಿ ಒಟ್ಟು ವಿದೇಶಿ ಮರಣದಂಡನೆಗಳ ಸಂಖ್ಯೆ ಇದಕ್ಕಿಂತ ಕಡಿಮೆ ಇತ್ತು. ಇತ್ತೀಚಿನ ಮರಣದಂಡನೆ ಮಾದಕವಸ್ತು ಕಳ್ಳಸಾಗಣೆಗೆ ಶಿಕ್ಷೆಗೊಳಗಾದ ಯೆಮೆನ್ ಪ್ರಜೆಯನ್ನು ಒಳಗೊಂಡಿದೆ. ಇದು ಮಾನವ ಹಕ್ಕುಗಳ ಸಂಘಟನೆಗಳು ಮತ್ತು ಅಂತಾರಾಷ್ಟ್ರೀಯ ಸಮುದಾಯದಿಂದ ತೀವ್ರ ಕಳವಳಕ್ಕೆ ಕಾರಣವಾಗಿದೆ. ಜರ್ಮನಿ ಮೂಲದ ಯುರೋಪಿಯನ್-ಸೌದಿ ಆರ್ಗನೈಸೇಶನ್ ಫಾರ್ ಹ್ಯೂಮನ್ ರೈಟ್ಸ್ (ಇಎಸ್‌ಒಎಚ್‌ಆರ್) ವರದಿಯ ಪ್ರಕಾರ, ಈ ವರ್ಷ ಒಟ್ಟು 101 ವಿದೇಶಿ ಪ್ರಜೆಗಳನ್ನು ಗಲ್ಲಿಗೇರಿಸಲಾಗಿದೆ. ಮರಣದಂಡನೆಗೆ ಗುರಿಯಾದವರಲ್ಲಿ ಪಾಕಿಸ್ತಾನ, ಯೆಮೆನ್, ಸಿರಿಯಾ, ನೈಜೀರಿಯಾ, ಈಜಿಪ್ಟ್, ಜೋರ್ಡಾನ್ ಮತ್ತು ಇಥಿಯೋಪಿಯಾದ ಪ್ರಜೆಗಳು ಸೇರಿದ್ದಾರೆ. ಇದೇ ವೇಳೆ ಸೌದಿ ಸರ್ಕಾರ ಮಾದಕ ವಸ್ತು ಕಳ್ಳಸಾಗಣೆ ಪ್ರಕರಣಗಳಲ್ಲಿ ಕಠಿಣ ಕ್ರಮ ಕೈಗೊಂಡಿದೆ. ಮಾನವ ಹಕ್ಕುಗಳ ಸಂಘಟನೆಗಳು ಸೌದಿ ಅರೇಬಿಯಾ ಮರಣದಂಡನೆ ನೀತಿಯನ್ನು ತೀವ್ರವಾಗಿ ಖಂಡಿಸಿವೆ. ದಶಕಗಳಲ್ಲಿ ಅತಿ ಹೆಚ್ಚು ಮರಣದಂಡನೆಗಳು ನಡೆದಿವೆ ಎಂದು ವರದಿ ತಿಳಿಸಿದೆ. 1995 ರಲ್ಲಿ 192, 2022 ರಲ್ಲಿ 196 ಹಾಗೂ 2024 ರಲ್ಲಿ ಈವರೆಗೆ 274 ಮರಣದಂಡನೆಗಳು ನಡೆದಿವೆ.
